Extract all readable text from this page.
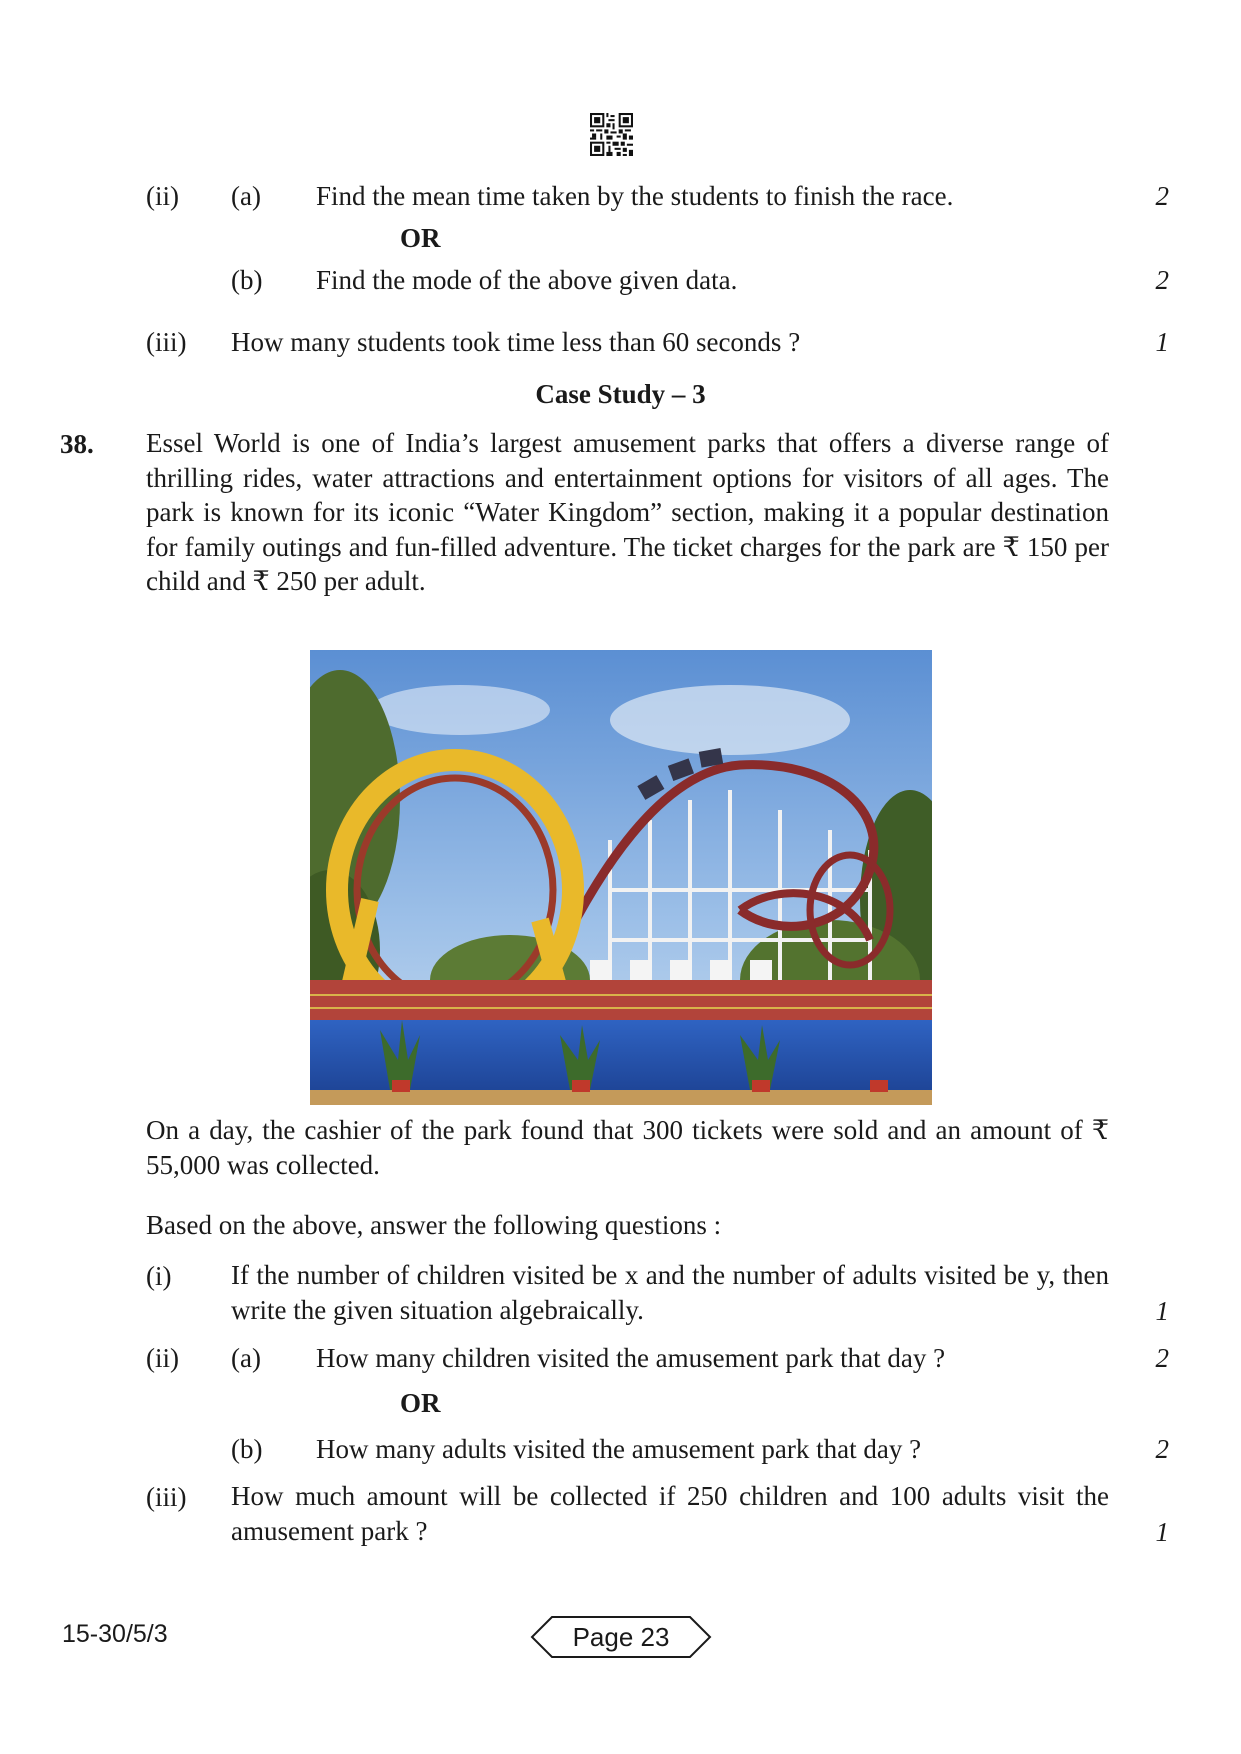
(ii) (a) Find the mean time taken by the students to finish the race.	2
OR
(b) Find the mode of the above given data.	2
(iii) How many students took time less than 60 seconds ?	1
Case Study – 3
38. Essel World is one of India’s largest amusement parks that offers a diverse range of thrilling rides, water attractions and entertainment options for visitors of all ages. The park is known for its iconic “Water Kingdom” section, making it a popular destination for family outings and fun-filled adventure. The ticket charges for the park are ₹ 150 per child and ₹ 250 per adult.
On a day, the cashier of the park found that 300 tickets were sold and an amount of ₹ 55,000 was collected.
Based on the above, answer the following questions :
(i) If the number of children visited be x and the number of adults visited be y, then write the given situation algebraically.	1
(ii) (a) How many children visited the amusement park that day ?	2
OR
(b) How many adults visited the amusement park that day ?	2
(iii) How much amount will be collected if 250 children and 100 adults visit the amusement park ?	1
15-30/5/3	Page 23
